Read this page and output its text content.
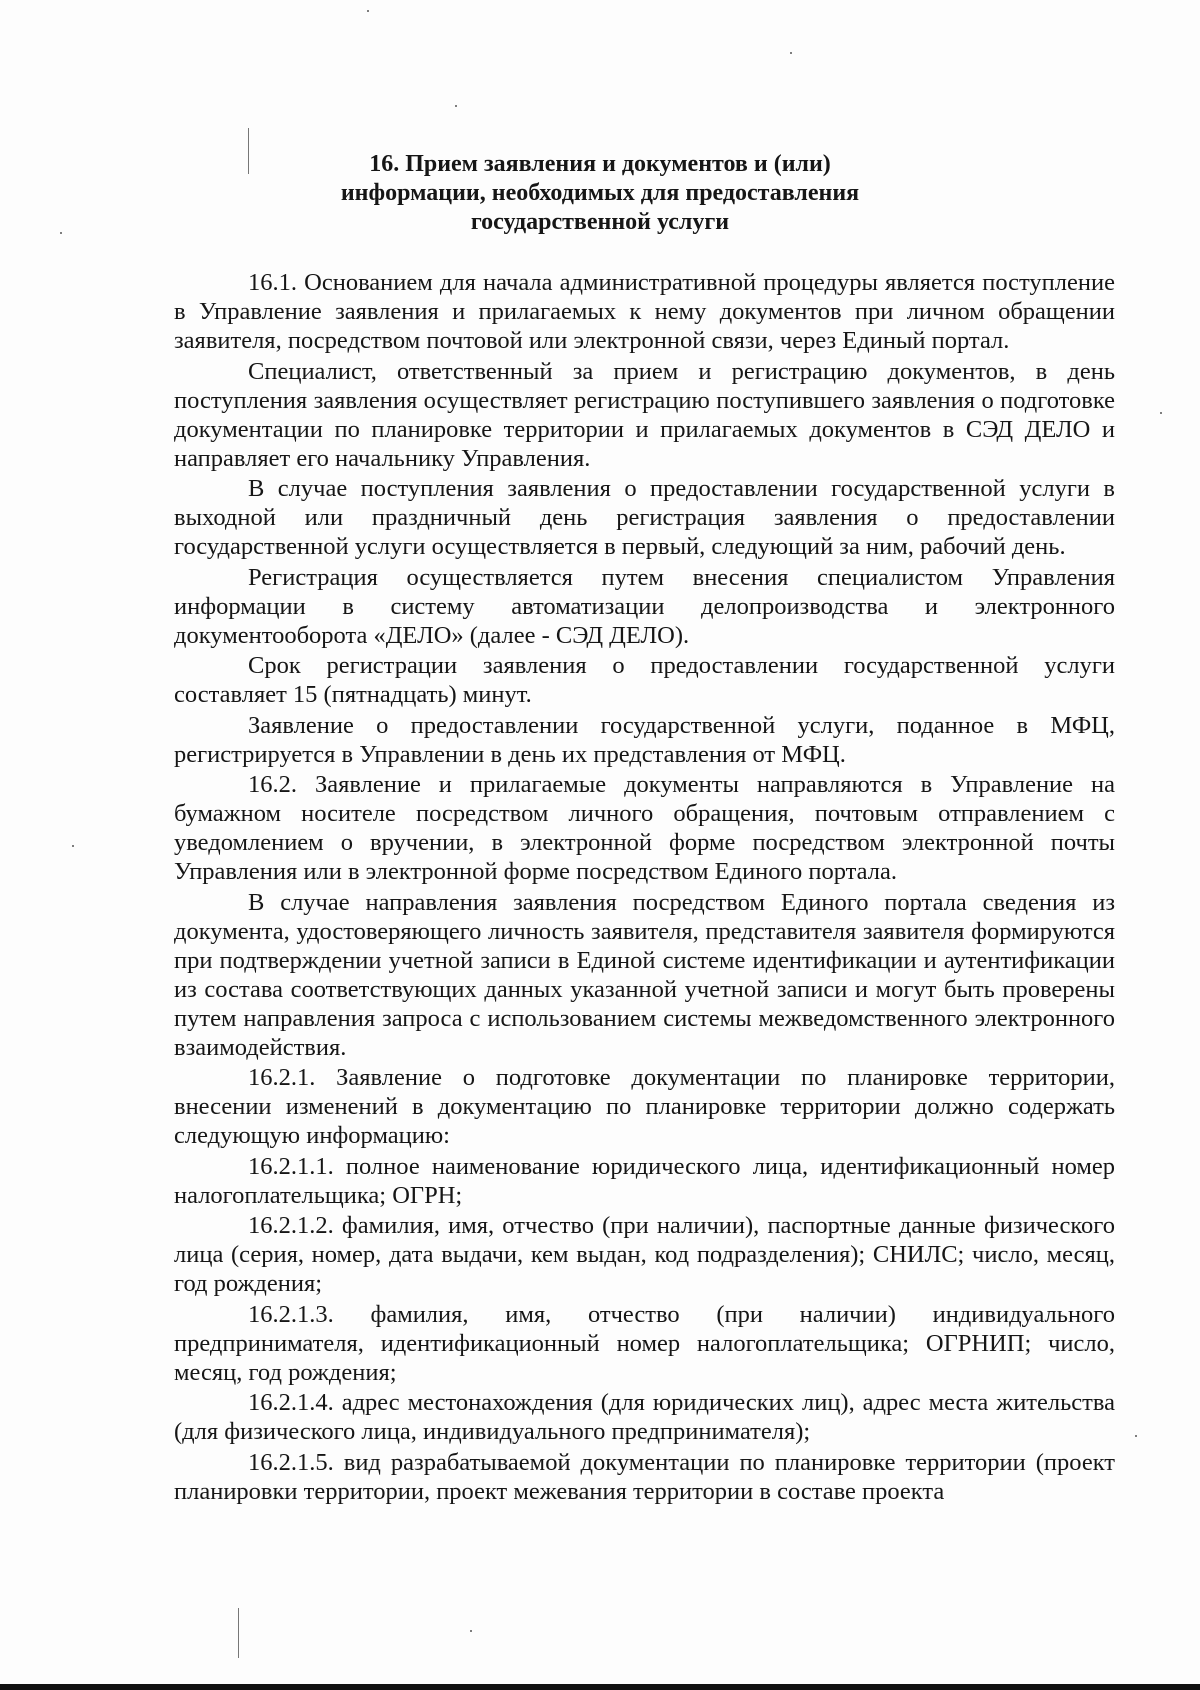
16. Прием заявления и документов и (или)
информации, необходимых для предоставления
государственной услуги

16.1. Основанием для начала административной процедуры является поступление в Управление заявления и прилагаемых к нему документов при личном обращении заявителя, посредством почтовой или электронной связи, через Единый портал.

Специалист, ответственный за прием и регистрацию документов, в день поступления заявления осуществляет регистрацию поступившего заявления о подготовке документации по планировке территории и прилагаемых документов в СЭД ДЕЛО и направляет его начальнику Управления.

В случае поступления заявления о предоставлении государственной услуги в выходной или праздничный день регистрация заявления о предоставлении государственной услуги осуществляется в первый, следующий за ним, рабочий день.

Регистрация осуществляется путем внесения специалистом Управления информации в систему автоматизации делопроизводства и электронного документооборота «ДЕЛО» (далее - СЭД ДЕЛО).

Срок регистрации заявления о предоставлении государственной услуги составляет 15 (пятнадцать) минут.

Заявление о предоставлении государственной услуги, поданное в МФЦ, регистрируется в Управлении в день их представления от МФЦ.

16.2. Заявление и прилагаемые документы направляются в Управление на бумажном носителе посредством личного обращения, почтовым отправлением с уведомлением о вручении, в электронной форме посредством электронной почты Управления или в электронной форме посредством Единого портала.

В случае направления заявления посредством Единого портала сведения из документа, удостоверяющего личность заявителя, представителя заявителя формируются при подтверждении учетной записи в Единой системе идентификации и аутентификации из состава соответствующих данных указанной учетной записи и могут быть проверены путем направления запроса с использованием системы межведомственного электронного взаимодействия.

16.2.1. Заявление о подготовке документации по планировке территории, внесении изменений в документацию по планировке территории должно содержать следующую информацию:

16.2.1.1. полное наименование юридического лица, идентификационный номер налогоплательщика; ОГРН;

16.2.1.2. фамилия, имя, отчество (при наличии), паспортные данные физического лица (серия, номер, дата выдачи, кем выдан, код подразделения); СНИЛС; число, месяц, год рождения;

16.2.1.3. фамилия, имя, отчество (при наличии) индивидуального предпринимателя, идентификационный номер налогоплательщика; ОГРНИП; число, месяц, год рождения;

16.2.1.4. адрес местонахождения (для юридических лиц), адрес места жительства (для физического лица, индивидуального предпринимателя);

16.2.1.5. вид разрабатываемой документации по планировке территории (проект планировки территории, проект межевания территории в составе проекта
